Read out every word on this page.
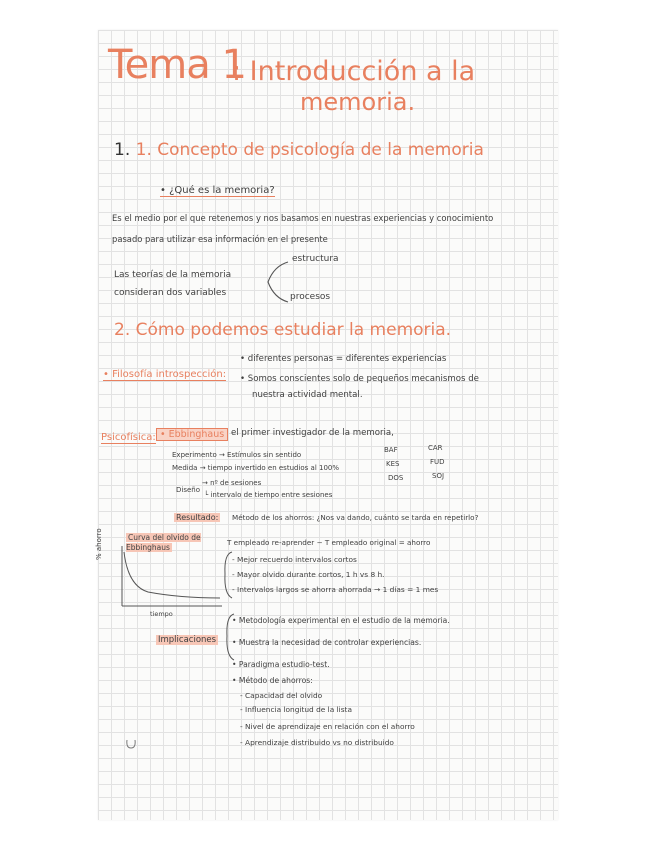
Tema 1
: Introducción a la
memoria.
1. 1. Concepto de psicología de la memoria
• ¿Qué es la memoria?
Es el medio por el que retenemos y nos basamos en nuestras experiencias y conocimiento
pasado para utilizar esa información en el presente
Las teorías de la memoria
consideran dos variables
estructura
procesos
2. Cómo podemos estudiar la memoria.
• Filosofía introspección:
• diferentes personas = diferentes experiencias
• Somos conscientes solo de pequeños mecanismos de
nuestra actividad mental.
Psicofísica: • Ebbinghaus el primer investigador de la memoria,
Experimento → Estímulos sin sentido
Medida → tiempo invertido en estudios al 100%
Diseño
→ nº de sesiones
└ intervalo de tiempo entre sesiones
BAF	CAR
KES	FUD
DOS	SOJ
Resultado: Método de los ahorros: ¿Nos va dando, cuánto se tarda en repetirlo?
Curva del olvido de Ebbinghaus
T empleado re-aprender − T empleado original = ahorro
% ahorro
tiempo
- Mejor recuerdo intervalos cortos
- Mayor olvido durante cortos, 1 h vs 8 h.
- Intervalos largos se ahorra ahorrada → 1 días = 1 mes
Implicaciones
• Metodología experimental en el estudio de la memoria.
• Muestra la necesidad de controlar experiencias.
• Paradigma estudio-test.
• Método de ahorros:
- Capacidad del olvido
- Influencia longitud de la lista
- Nivel de aprendizaje en relación con el ahorro
- Aprendizaje distribuido vs no distribuido
